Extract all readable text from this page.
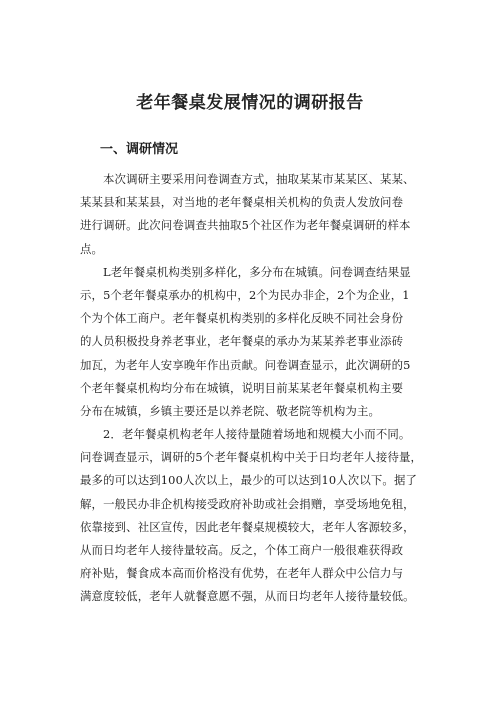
老年餐桌发展情况的调研报告
一、调研情况
本次调研主要采用问卷调查方式，抽取某某市某某区、某某、
某某县和某某县，对当地的老年餐桌相关机构的负责人发放问卷
进行调研。此次问卷调查共抽取5个社区作为老年餐桌调研的样本
点。
L老年餐桌机构类别多样化，多分布在城镇。问卷调查结果显
示，5个老年餐桌承办的机构中，2个为民办非企，2个为企业，1
个为个体工商户。老年餐桌机构类别的多样化反映不同社会身份
的人员积极投身养老事业，老年餐桌的承办为某某养老事业添砖
加瓦，为老年人安享晚年作出贡献。问卷调查显示，此次调研的5
个老年餐桌机构均分布在城镇，说明目前某某老年餐桌机构主要
分布在城镇，乡镇主要还是以养老院、敬老院等机构为主。
2．老年餐桌机构老年人接待量随着场地和规模大小而不同。
问卷调查显示，调研的5个老年餐桌机构中关于日均老年人接待量，
最多的可以达到100人次以上，最少的可以达到10人次以下。据了
解，一般民办非企机构接受政府补助或社会捐赠，享受场地免租，
依靠接到、社区宣传，因此老年餐桌规模较大，老年人客源较多，
从而日均老年人接待量较高。反之，个体工商户一般很难获得政
府补贴，餐食成本高而价格没有优势，在老年人群众中公信力与
满意度较低，老年人就餐意愿不强，从而日均老年人接待量较低。
